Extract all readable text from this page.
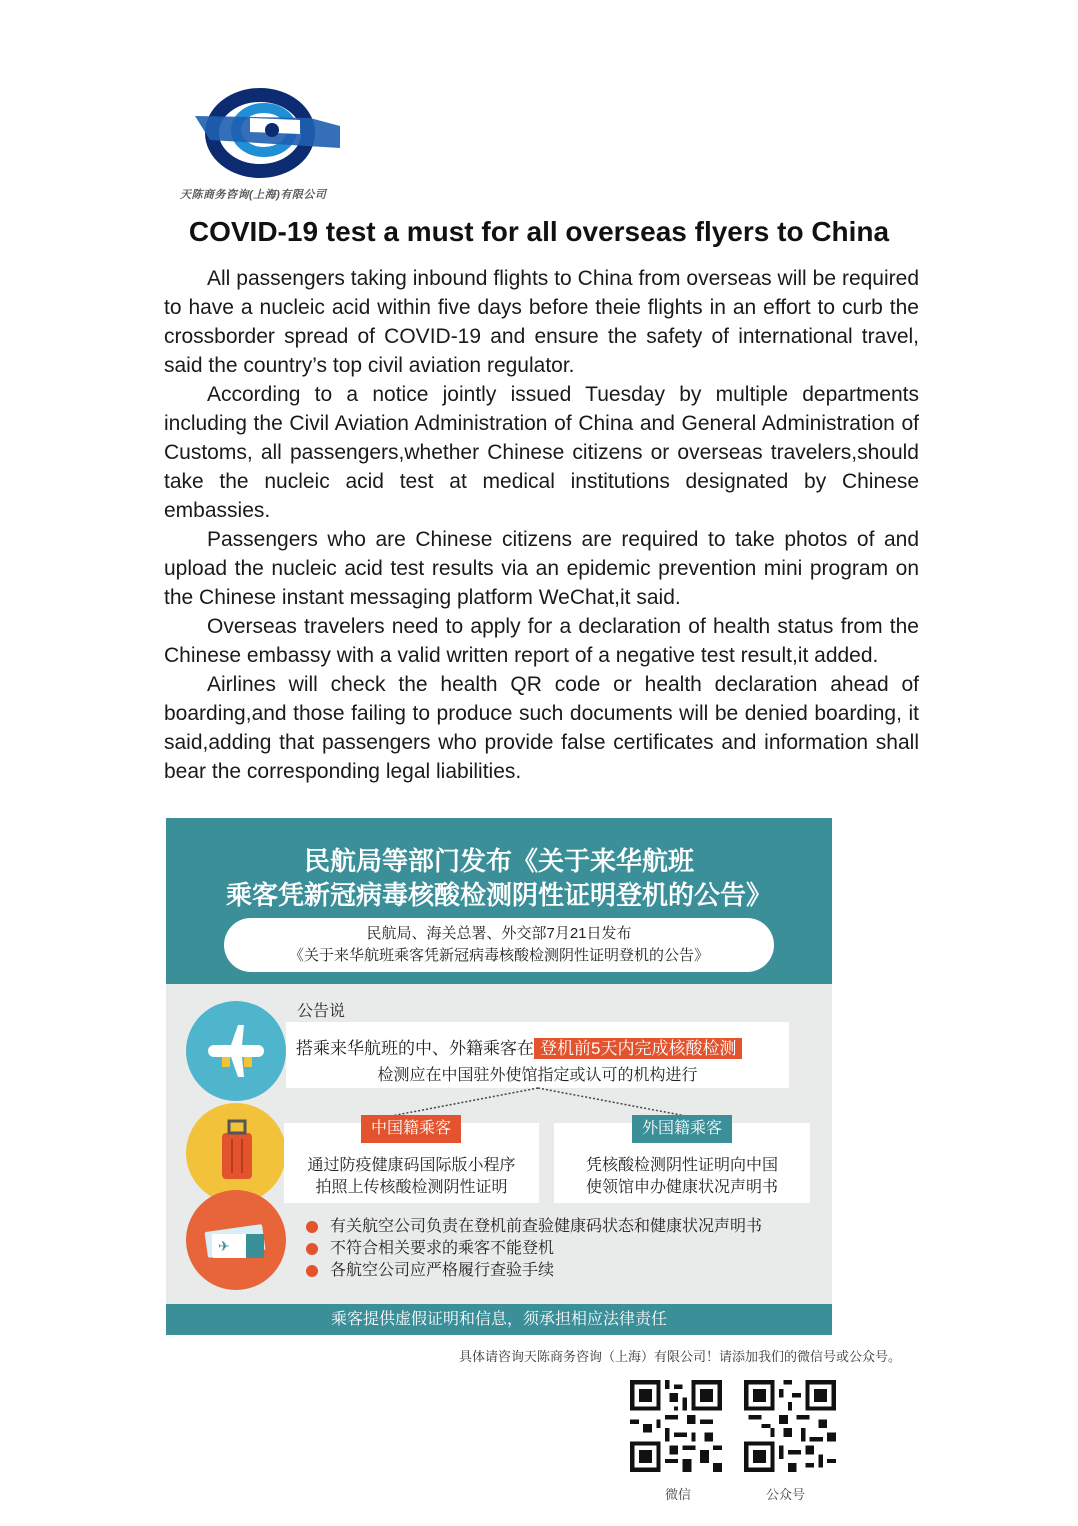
天陈商务咨询(上海)有限公司
COVID-19 test a must for all overseas flyers to China

All passengers taking inbound flights to China from overseas will be required to have a nucleic acid within five days before theie flights in an effort to curb the crossborder spread of COVID-19 and ensure the safety of international travel, said the country’s top civil aviation regulator.

According to a notice jointly issued Tuesday by multiple departments including the Civil Aviation Administration of China and General Administration of Customs, all passengers,whether Chinese citizens or overseas travelers,should take the nucleic acid test at medical institutions designated by Chinese embassies.

Passengers who are Chinese citizens are required to take photos of and upload the nucleic acid test results via an epidemic prevention mini program on the Chinese instant messaging platform WeChat,it said.

Overseas travelers need to apply for a declaration of health status from the Chinese embassy with a valid written report of a negative test result,it added.

Airlines will check the health QR code or health declaration ahead of boarding,and those failing to produce such documents will be denied boarding, it said,adding that passengers who provide false certificates and information shall bear the corresponding legal liabilities.

民航局等部门发布《关于来华航班
乘客凭新冠病毒核酸检测阴性证明登机的公告》
民航局、海关总署、外交部7月21日发布
《关于来华航班乘客凭新冠病毒核酸检测阴性证明登机的公告》
✈
公告说
搭乘来华航班的中、外籍乘客在 登机前5天内完成核酸检测
检测应在中国驻外使馆指定或认可的机构进行
中国籍乘客
通过防疫健康码国际版小程序
拍照上传核酸检测阴性证明
外国籍乘客
凭核酸检测阴性证明向中国
使领馆申办健康状况声明书
有关航空公司负责在登机前查验健康码状态和健康状况声明书
不符合相关要求的乘客不能登机
各航空公司应严格履行查验手续
乘客提供虚假证明和信息，须承担相应法律责任
具体请咨询天陈商务咨询（上海）有限公司！请添加我们的微信号或公众号。
微信	公众号
